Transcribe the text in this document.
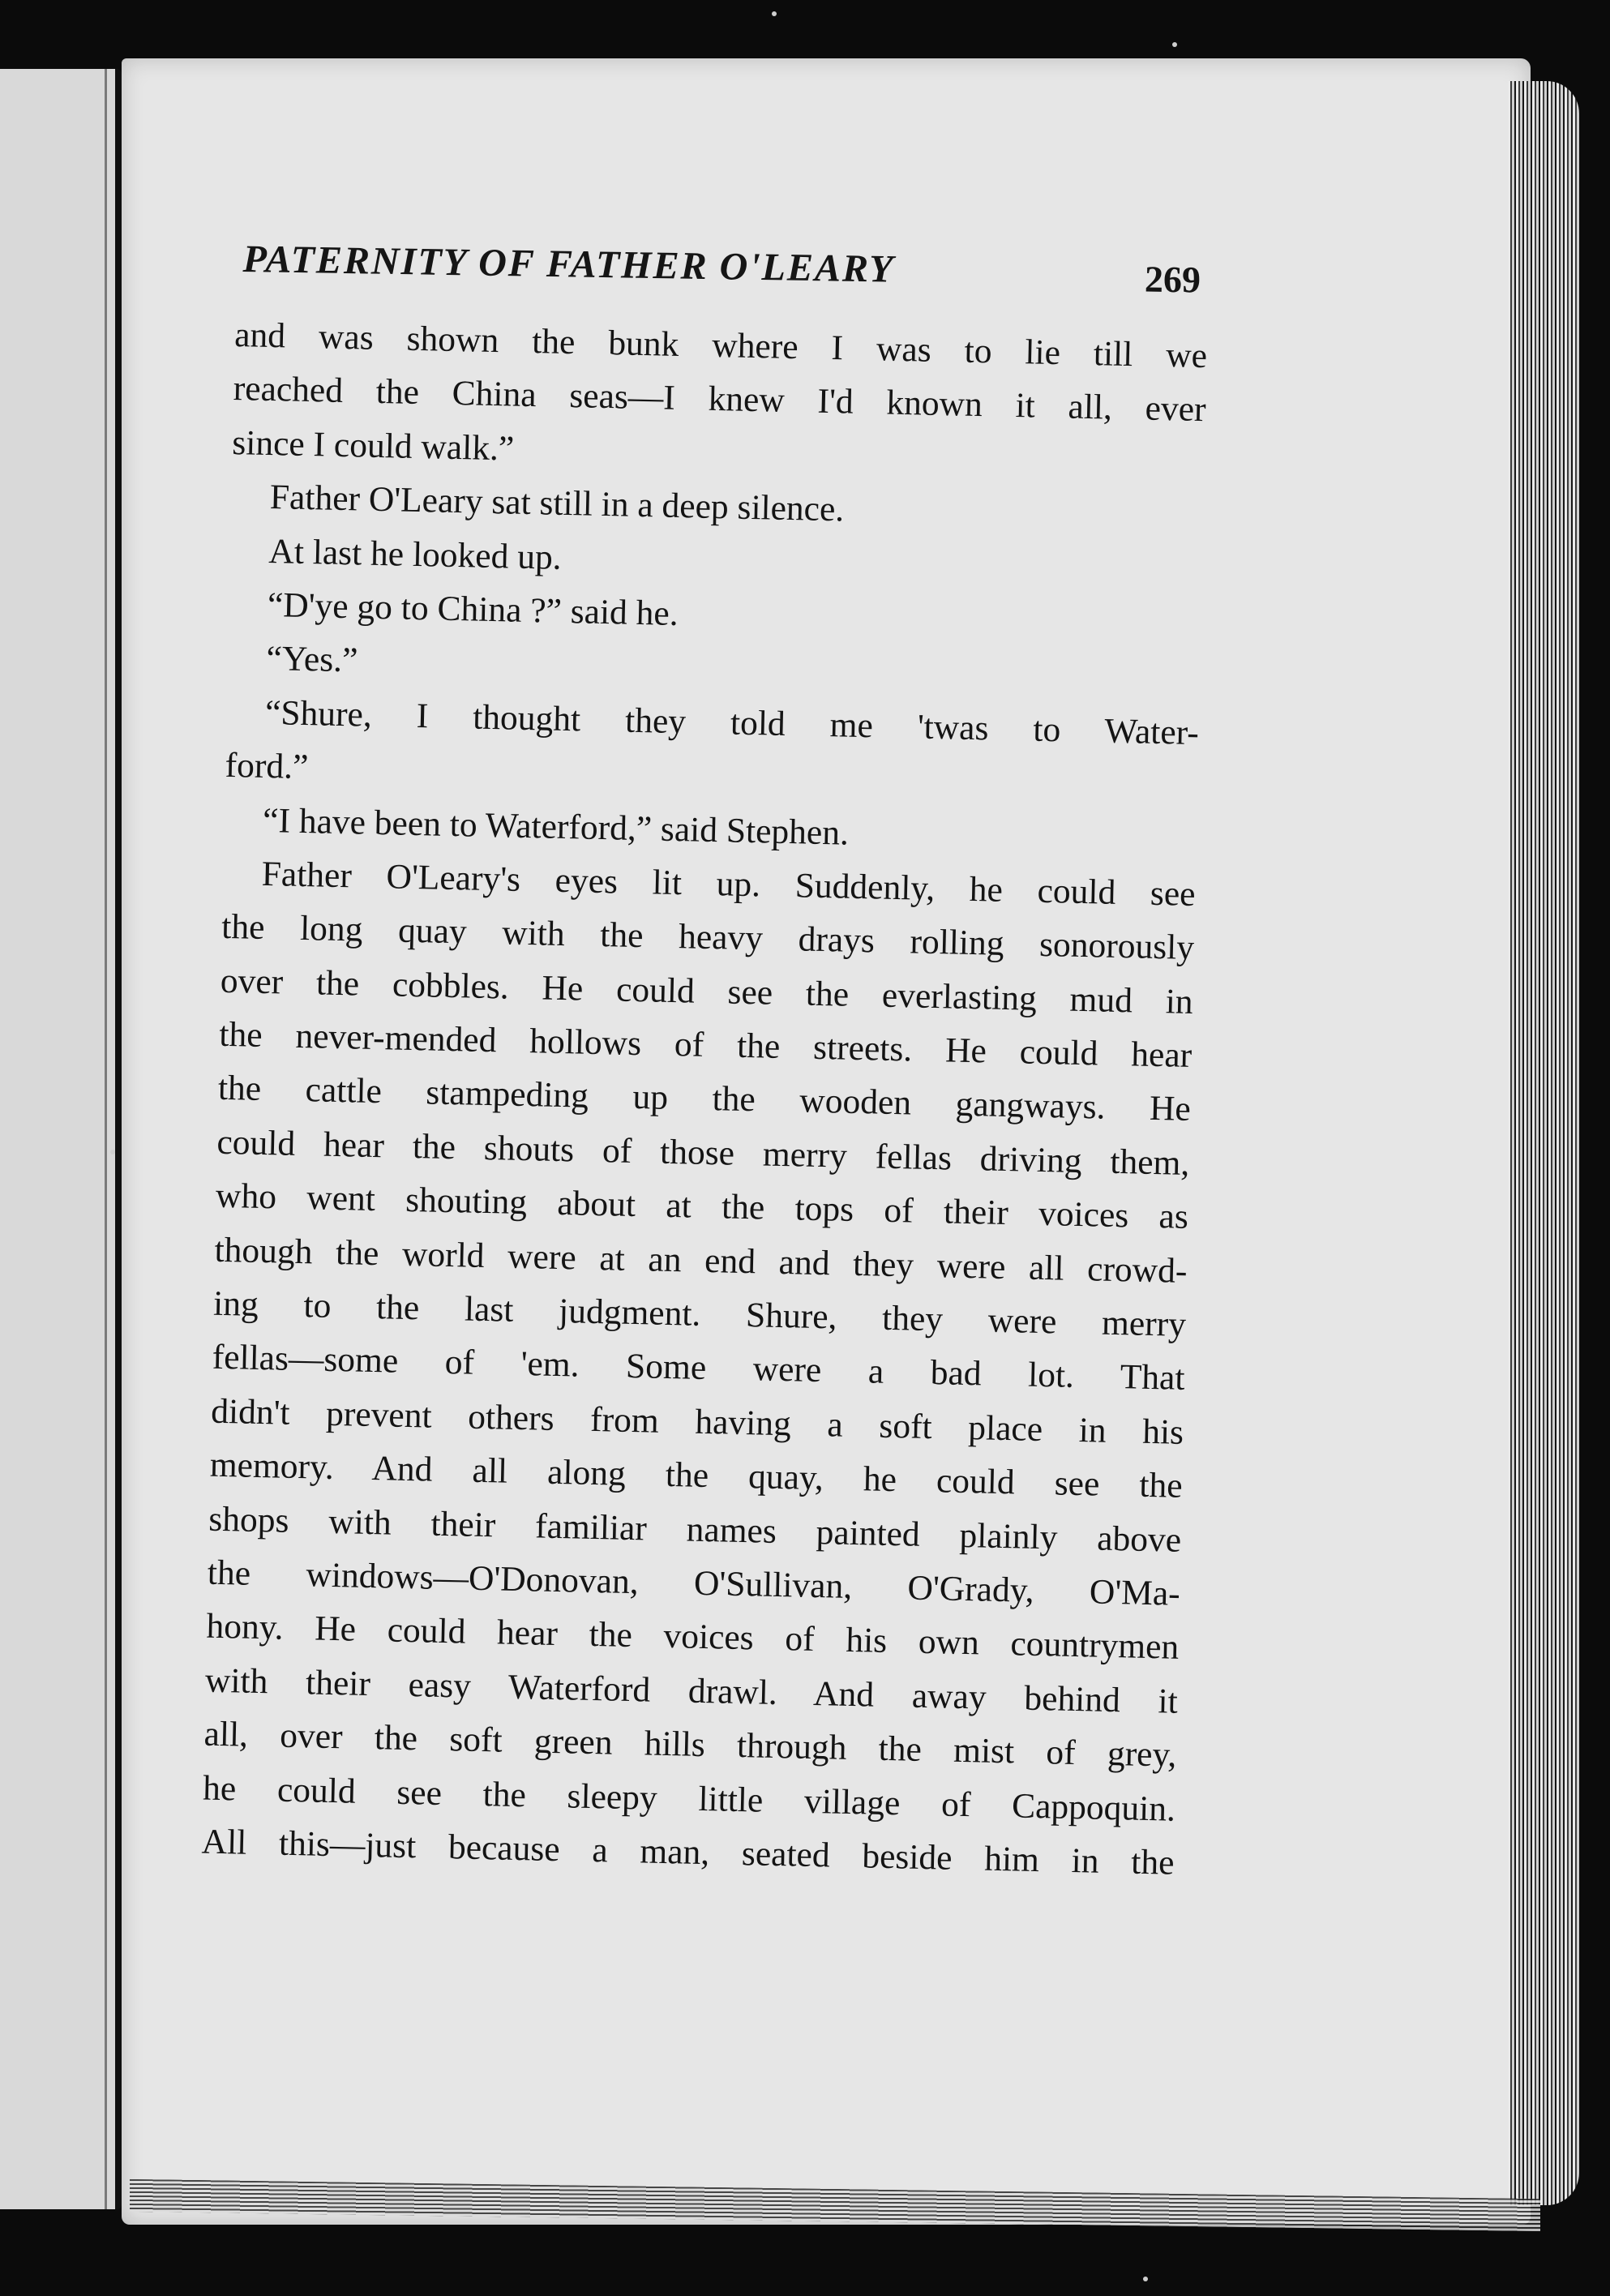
PATERNITY OF FATHER O'LEARY	269
and was shown the bunk where I was to lie till we
reached the China seas—I knew I'd known it all, ever
since I could walk.”
Father O'Leary sat still in a deep silence.
At last he looked up.
“D'ye go to China ?” said he.
“Yes.”
“Shure, I thought they told me 'twas to Water-
ford.”
“I have been to Waterford,” said Stephen.
Father O'Leary's eyes lit up. Suddenly, he could see
the long quay with the heavy drays rolling sonorously
over the cobbles. He could see the everlasting mud in
the never-mended hollows of the streets. He could hear
the cattle stampeding up the wooden gangways. He
could hear the shouts of those merry fellas driving them,
who went shouting about at the tops of their voices as
though the world were at an end and they were all crowd-
ing to the last judgment. Shure, they were merry
fellas—some of 'em. Some were a bad lot. That
didn't prevent others from having a soft place in his
memory. And all along the quay, he could see the
shops with their familiar names painted plainly above
the windows—O'Donovan, O'Sullivan, O'Grady, O'Ma-
hony. He could hear the voices of his own countrymen
with their easy Waterford drawl. And away behind it
all, over the soft green hills through the mist of grey,
he could see the sleepy little village of Cappoquin.
All this—just because a man, seated beside him in the
